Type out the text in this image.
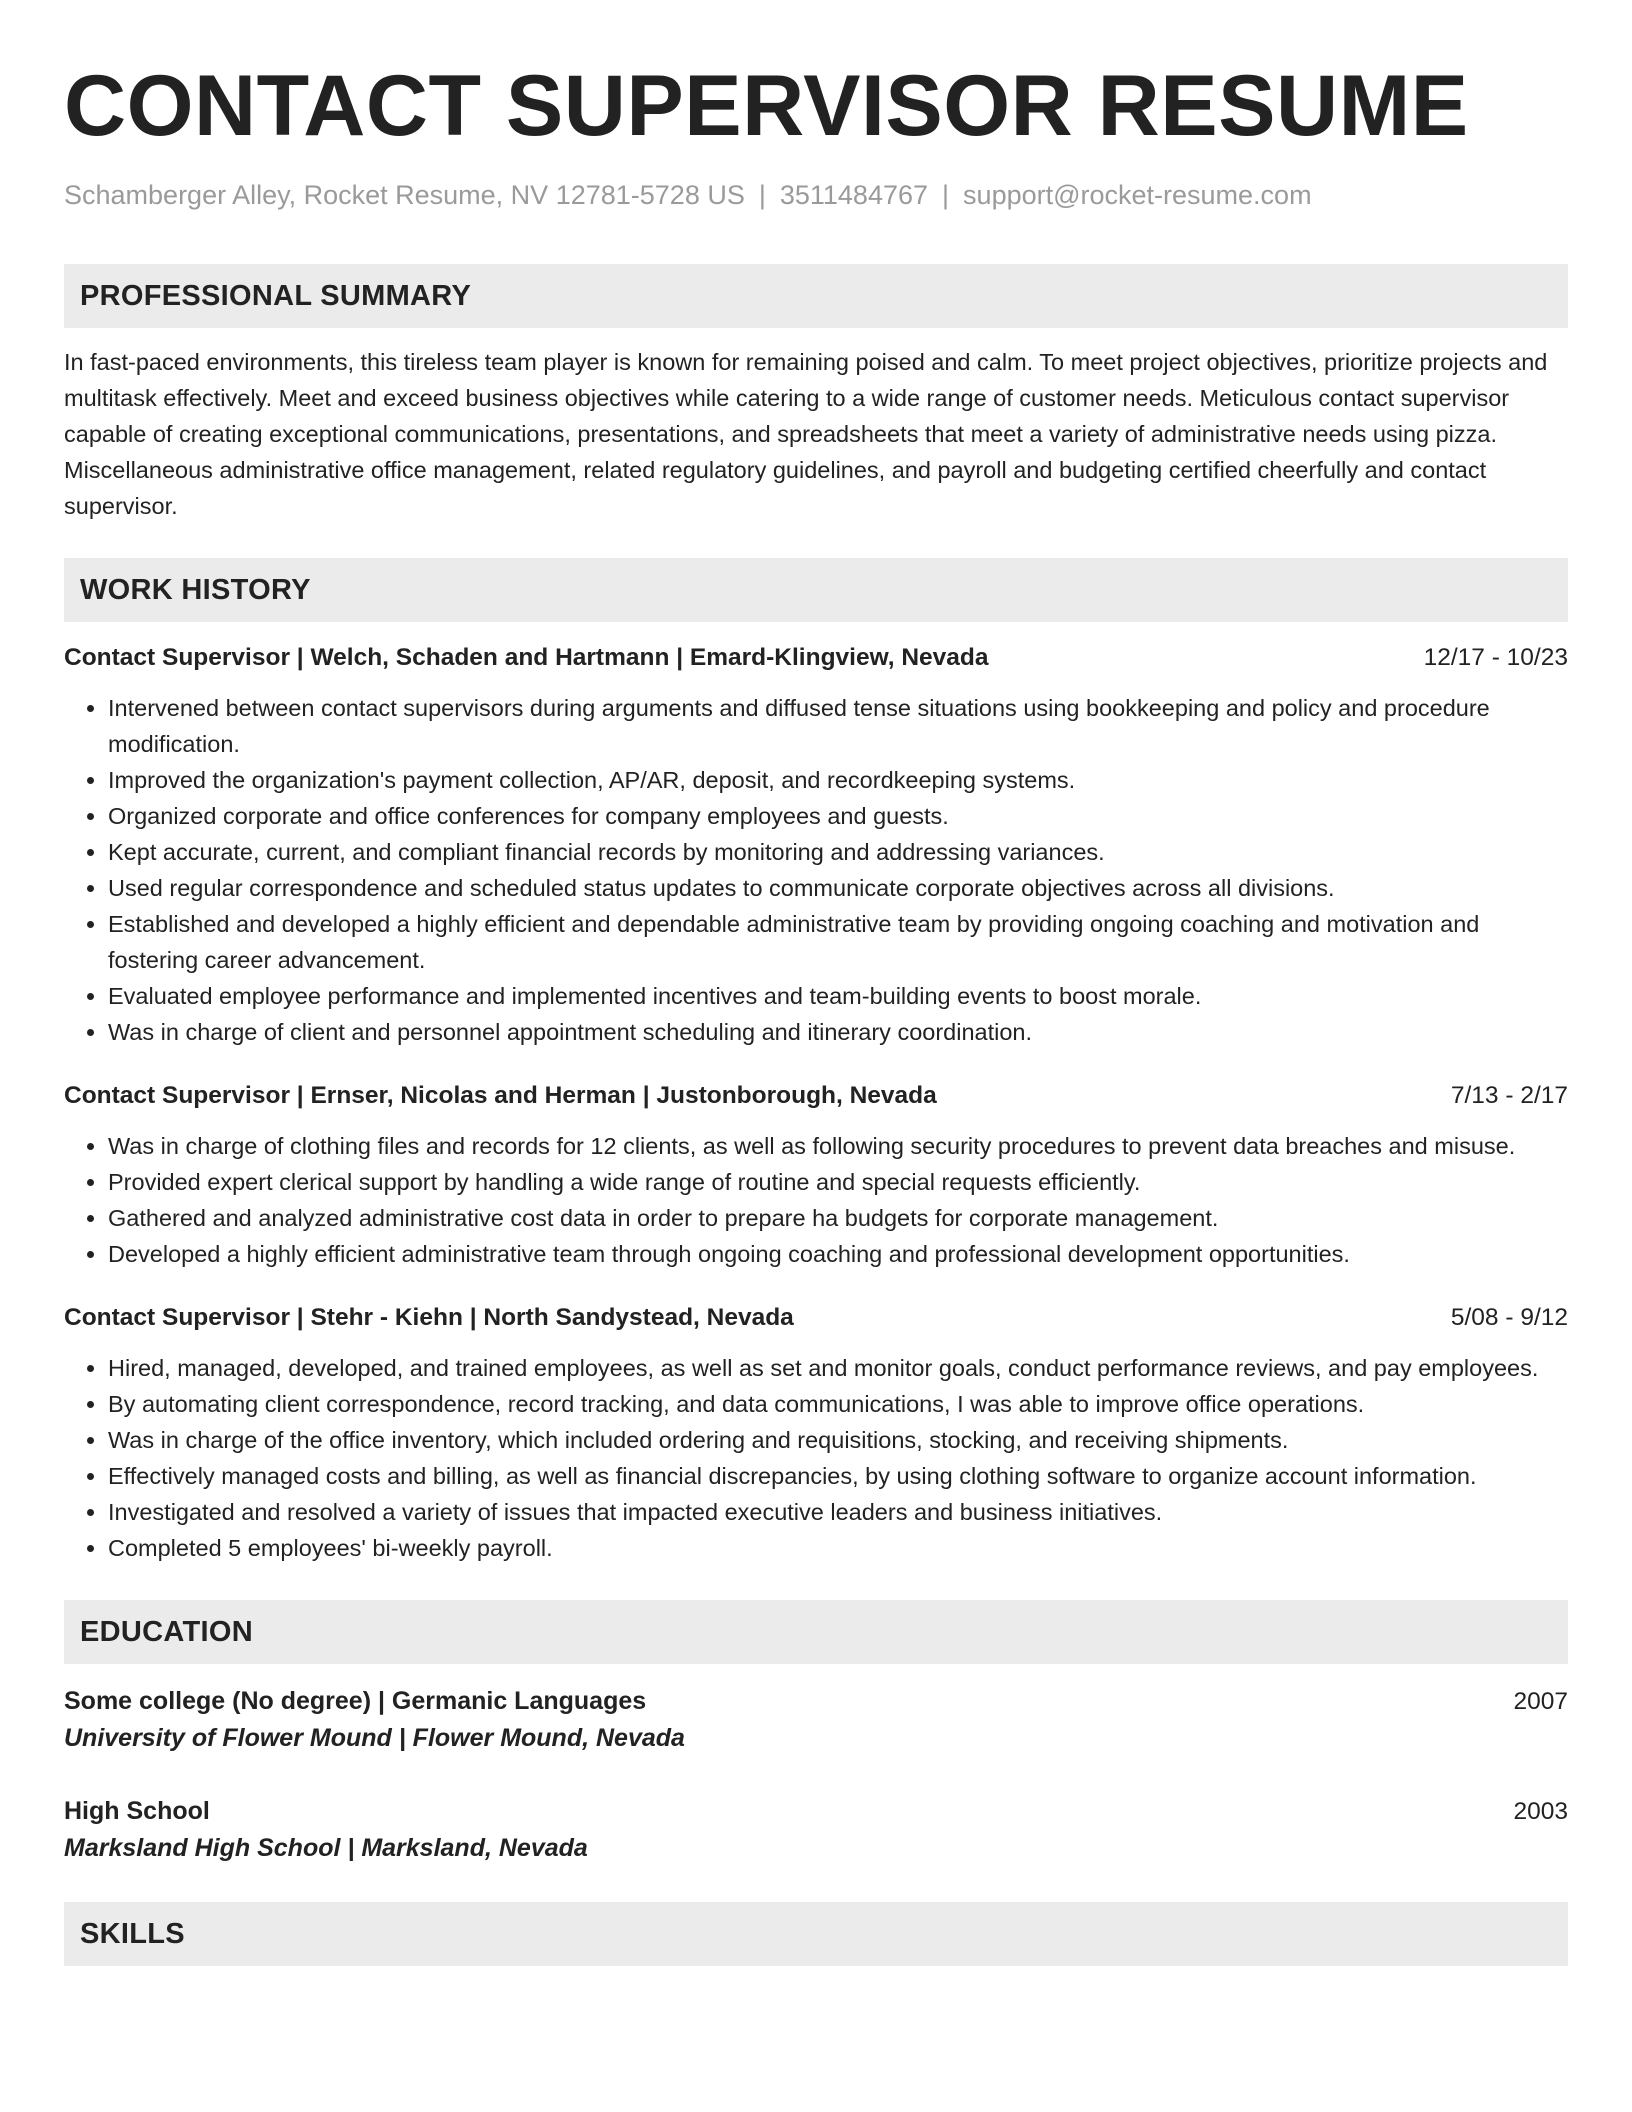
CONTACT SUPERVISOR RESUME
Schamberger Alley, Rocket Resume, NV 12781-5728 US | 3511484767 | support@rocket-resume.com
PROFESSIONAL SUMMARY

In fast-paced environments, this tireless team player is known for remaining poised and calm. To meet project objectives, prioritize projects and multitask effectively. Meet and exceed business objectives while catering to a wide range of customer needs. Meticulous contact supervisor capable of creating exceptional communications, presentations, and spreadsheets that meet a variety of administrative needs using pizza. Miscellaneous administrative office management, related regulatory guidelines, and payroll and budgeting certified cheerfully and contact supervisor.

WORK HISTORY
Contact Supervisor | Welch, Schaden and Hartmann | Emard-Klingview, Nevada	12/17 - 10/23
• Intervened between contact supervisors during arguments and diffused tense situations using bookkeeping and policy and procedure modification.
• Improved the organization's payment collection, AP/AR, deposit, and recordkeeping systems.
• Organized corporate and office conferences for company employees and guests.
• Kept accurate, current, and compliant financial records by monitoring and addressing variances.
• Used regular correspondence and scheduled status updates to communicate corporate objectives across all divisions.
• Established and developed a highly efficient and dependable administrative team by providing ongoing coaching and motivation and fostering career advancement.
• Evaluated employee performance and implemented incentives and team-building events to boost morale.
• Was in charge of client and personnel appointment scheduling and itinerary coordination.
Contact Supervisor | Ernser, Nicolas and Herman | Justonborough, Nevada	7/13 - 2/17
• Was in charge of clothing files and records for 12 clients, as well as following security procedures to prevent data breaches and misuse.
• Provided expert clerical support by handling a wide range of routine and special requests efficiently.
• Gathered and analyzed administrative cost data in order to prepare ha budgets for corporate management.
• Developed a highly efficient administrative team through ongoing coaching and professional development opportunities.
Contact Supervisor | Stehr - Kiehn | North Sandystead, Nevada	5/08 - 9/12
• Hired, managed, developed, and trained employees, as well as set and monitor goals, conduct performance reviews, and pay employees.
• By automating client correspondence, record tracking, and data communications, I was able to improve office operations.
• Was in charge of the office inventory, which included ordering and requisitions, stocking, and receiving shipments.
• Effectively managed costs and billing, as well as financial discrepancies, by using clothing software to organize account information.
• Investigated and resolved a variety of issues that impacted executive leaders and business initiatives.
• Completed 5 employees' bi-weekly payroll.
EDUCATION
Some college (No degree) | Germanic Languages	2007
University of Flower Mound | Flower Mound, Nevada
High School	2003
Marksland High School | Marksland, Nevada
SKILLS
